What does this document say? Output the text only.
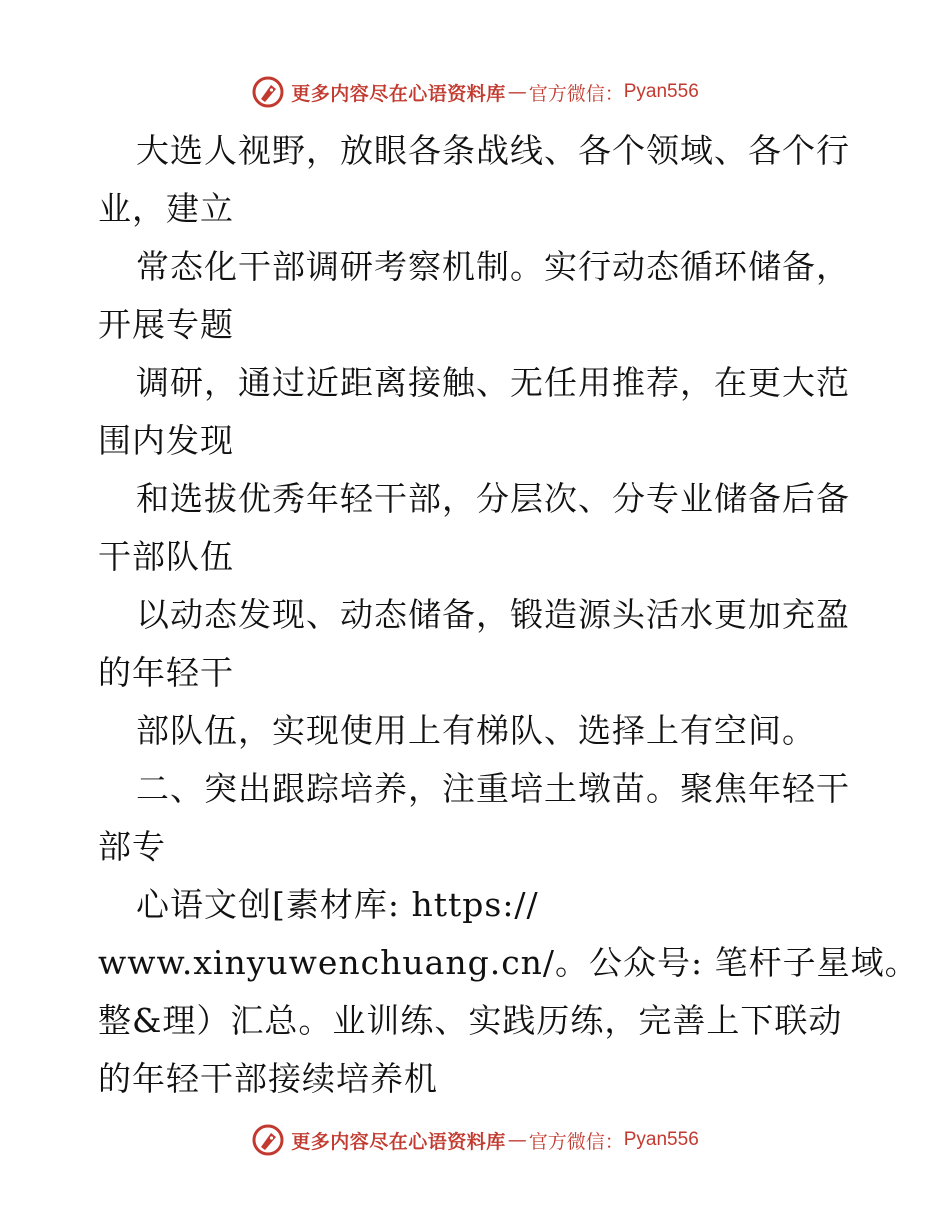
更多内容尽在心语资料库 — 官方微信： Pyan556
大选人视野，放眼各条战线、各个领域、各个行
业，建立
常态化干部调研考察机制。实行动态循环储备，
开展专题
调研，通过近距离接触、无任用推荐，在更大范
围内发现
和选拔优秀年轻干部，分层次、分专业储备后备
干部队伍
以动态发现、动态储备，锻造源头活水更加充盈
的年轻干
部队伍，实现使用上有梯队、选择上有空间。
二、突出跟踪培养，注重培土墩苗。聚焦年轻干
部专
心语文创[素材库: https://
www.xinyuwenchuang.cn/。公众号: 笔杆子星域。
整&理）汇总。业训练、实践历练，完善上下联动
的年轻干部接续培养机
更多内容尽在心语资料库 — 官方微信： Pyan556
